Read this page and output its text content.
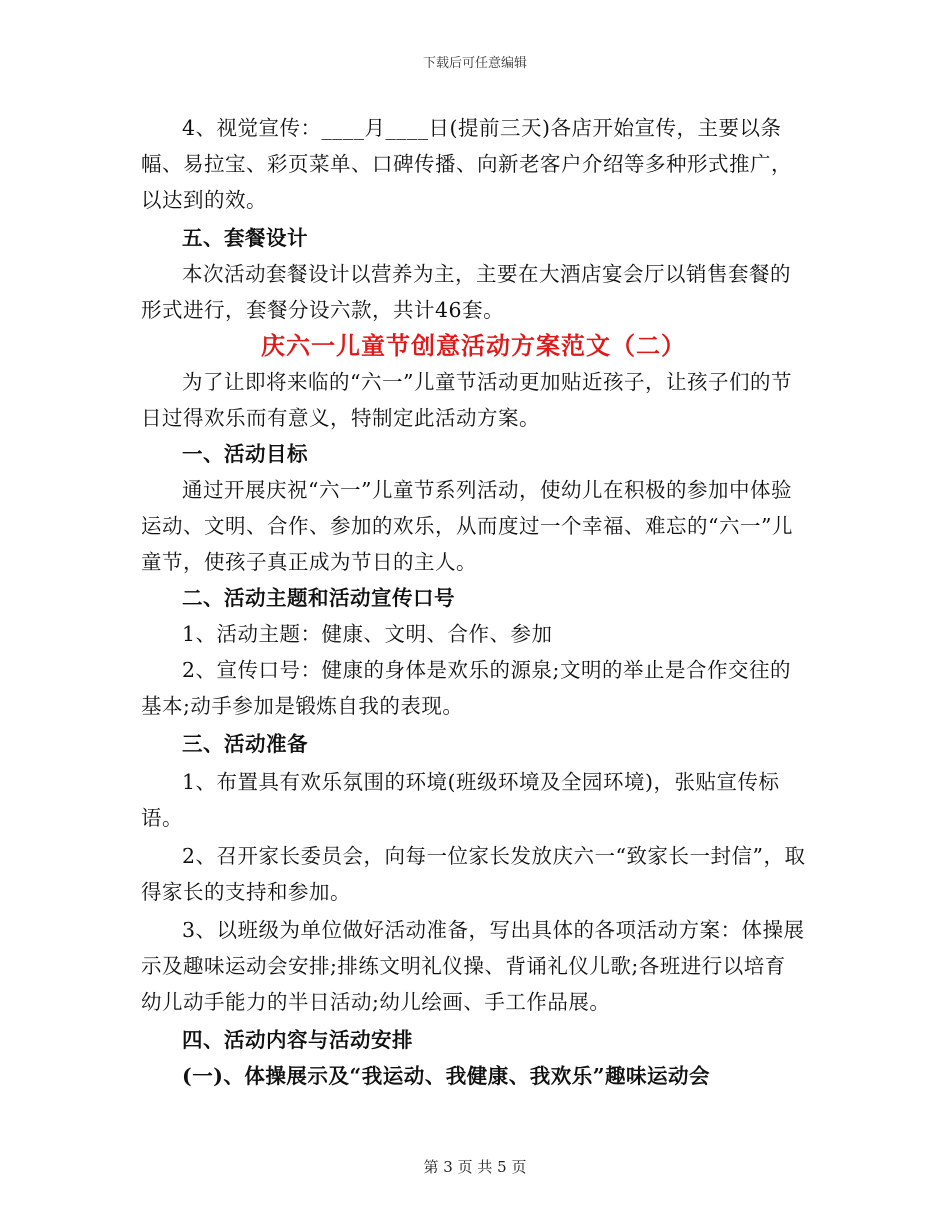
下载后可任意编辑

4、视觉宣传：____月____日(提前三天)各店开始宣传，主要以条幅、易拉宝、彩页菜单、口碑传播、向新老客户介绍等多种形式推广，以达到的效。

五、套餐设计

本次活动套餐设计以营养为主，主要在大酒店宴会厅以销售套餐的形式进行，套餐分设六款，共计46套。

庆六一儿童节创意活动方案范文（二）

为了让即将来临的“六一”儿童节活动更加贴近孩子，让孩子们的节日过得欢乐而有意义，特制定此活动方案。

一、活动目标

通过开展庆祝“六一”儿童节系列活动，使幼儿在积极的参加中体验运动、文明、合作、参加的欢乐，从而度过一个幸福、难忘的“六一”儿童节，使孩子真正成为节日的主人。

二、活动主题和活动宣传口号

1、活动主题：健康、文明、合作、参加

2、宣传口号：健康的身体是欢乐的源泉;文明的举止是合作交往的基本;动手参加是锻炼自我的表现。

三、活动准备

1、布置具有欢乐氛围的环境(班级环境及全园环境)，张贴宣传标语。

2、召开家长委员会，向每一位家长发放庆六一“致家长一封信”，取得家长的支持和参加。

3、以班级为单位做好活动准备，写出具体的各项活动方案：体操展示及趣味运动会安排;排练文明礼仪操、背诵礼仪儿歌;各班进行以培育幼儿动手能力的半日活动;幼儿绘画、手工作品展。

四、活动内容与活动安排

(一)、体操展示及“我运动、我健康、我欢乐”趣味运动会

第 3 页 共 5 页
